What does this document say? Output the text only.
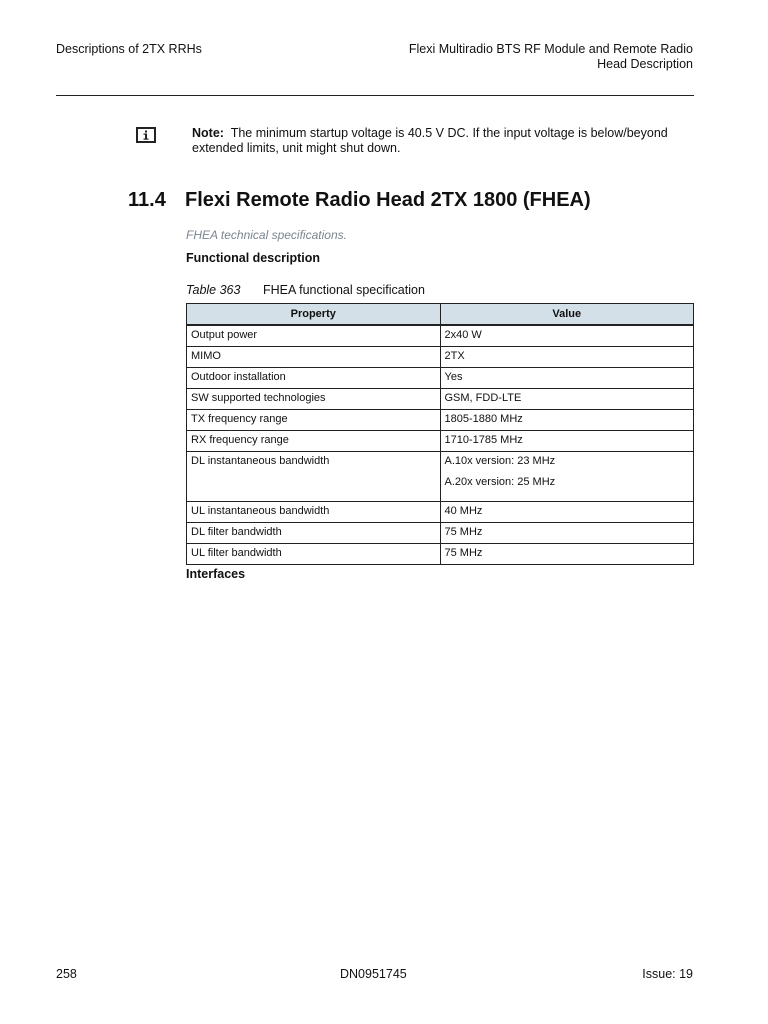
Descriptions of 2TX RRHs	Flexi Multiradio BTS RF Module and Remote Radio
Head Description
Note: The minimum startup voltage is 40.5 V DC. If the input voltage is below/beyond extended limits, unit might shut down.
11.4 Flexi Remote Radio Head 2TX 1800 (FHEA)
FHEA technical specifications.
Functional description
Table 363 FHEA functional specification
Property	Value
Output power	2x40 W
MIMO	2TX
Outdoor installation	Yes
SW supported technologies	GSM, FDD-LTE
TX frequency range	1805-1880 MHz
RX frequency range	1710-1785 MHz
DL instantaneous bandwidth	A.10x version: 23 MHz
A.20x version: 25 MHz

UL instantaneous bandwidth	40 MHz
DL filter bandwidth	75 MHz
UL filter bandwidth	75 MHz
Interfaces
258	DN0951745	Issue: 19
